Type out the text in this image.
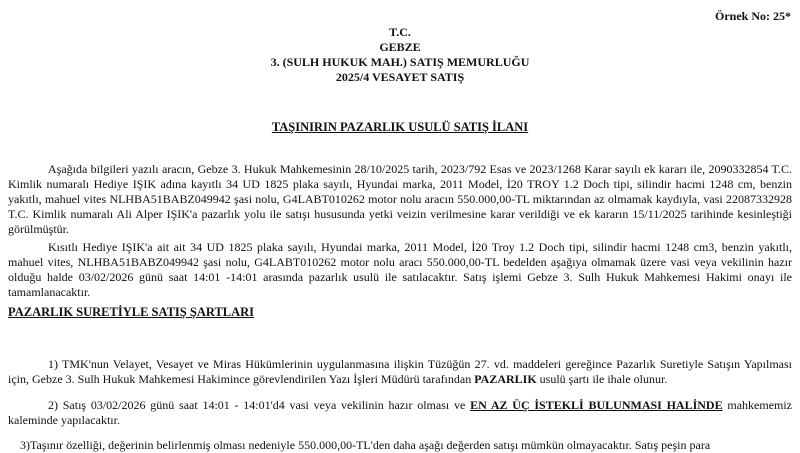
Örnek No: 25*
T.C.
GEBZE
3. (SULH HUKUK MAH.) SATIŞ MEMURLUĞU
2025/4 VESAYET SATIŞ
TAŞINIRIN PAZARLIK USULÜ SATIŞ İLANI
Aşağıda bilgileri yazılı aracın, Gebze 3. Hukuk Mahkemesinin 28/10/2025 tarih, 2023/792 Esas ve 2023/1268 Karar sayılı ek kararı ile, 2090332854 T.C. Kimlik numaralı Hediye IŞIK adına kayıtlı 34 UD 1825 plaka sayılı, Hyundai marka, 2011 Model, İ20 TROY 1.2 Doch tipi, silindir hacmi 1248 cm, benzin yakıtlı, mahuel vites NLHBA51BABZ049942 şasi nolu, G4LABT010262 motor nolu aracın 550.000,00-TL miktarından az olmamak kaydıyla, vasi 22087332928 T.C. Kimlik numaralı Ali Alper IŞIK'a pazarlık yolu ile satışı hususunda yetki veizin verilmesine karar verildiği ve ek kararın 15/11/2025 tarihinde kesinleştiği görülmüştür.
Kısıtlı Hediye IŞIK'a ait ait 34 UD 1825 plaka sayılı, Hyundai marka, 2011 Model, İ20 Troy 1.2 Doch tipi, silindir hacmi 1248 cm3, benzin yakıtlı, mahuel vites, NLHBA51BABZ049942 şasi nolu, G4LABT010262 motor nolu aracı 550.000,00-TL bedelden aşağıya olmamak üzere vasi veya vekilinin hazır olduğu halde 03/02/2026 günü saat 14:01 -14:01 arasında pazarlık usulü ile satılacaktır. Satış işlemi Gebze 3. Sulh Hukuk Mahkemesi Hakimi onayı ile tamamlanacaktır.
PAZARLIK SURETİYLE SATIŞ ŞARTLARI
1) TMK'nun Velayet, Vesayet ve Miras Hükümlerinin uygulanmasına ilişkin Tüzüğün 27. vd. maddeleri gereğince Pazarlık Suretiyle Satışın Yapılması için, Gebze 3. Sulh Hukuk Mahkemesi Hakimince görevlendirilen Yazı İşleri Müdürü tarafından PAZARLIK usulü şartı ile ihale olunur.
2) Satış 03/02/2026 günü saat 14:01 - 14:01'd4 vasi veya vekilinin hazır olması ve EN AZ ÜÇ İSTEKLİ BULUNMASI HALİNDE mahkememiz kaleminde yapılacaktır.
3)Taşınır özelliği, değerinin belirlenmiş olması nedeniyle 550.000,00-TL'den daha aşağı değerden satışı mümkün olmayacaktır. Satış peşin para
